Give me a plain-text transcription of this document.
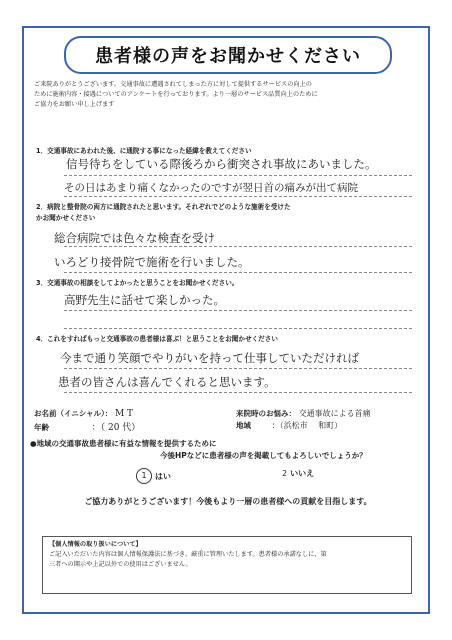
患者様の声をお聞かせください
ご来院ありがとうございます。交通事故に遭遇されてしまった方に対して提供するサービスの向上の
ために施術内容・接遇についてのアンケートを行っております。より一層のサービス品質向上のために
ご協力をお願い申し上げます
1．交通事故にあわれた後、に通院する事になった経緯を教えてください
信号待ちをしている際後ろから衝突され事故にあいました。
その日はあまり痛くなかったのですが翌日首の痛みが出て病院
2．病院と整骨院の両方に通院されたと思います。それぞれでどのような施術を受けた
かお聞かせください
総合病院では色々な検査を受け
いろどり接骨院で施術を行いました。
3．交通事故の相談をしてよかったと思うことをお聞かせください。
高野先生に話せて楽しかった。
4．これをすればもっと交通事故の患者様は喜ぶ！と思うことをお聞かせください
今まで通り笑顔でやりがいを持って仕事していただければ
患者の皆さんは喜んでくれると思います。
お名前（イニシャル）： M T
年齢	：（ 20 代）
来院時のお悩み： 交通事故による首痛
地域	：（浜松市 　和町）
●地域の交通事故患者様に有益な情報を提供するために
今後HPなどに患者様の声を掲載してもよろしいでしょうか？
1	はい	2 いいえ
ご協力ありがとうございます！今後もより一層の患者様への貢献を目指します。
【個人情報の取り扱いについて】
ご記入いただいた内容は個人情報保護法に基づき、厳重に管理いたします。患者様の承諾なしに、第
三者への開示や上記以外での使用はございません。
